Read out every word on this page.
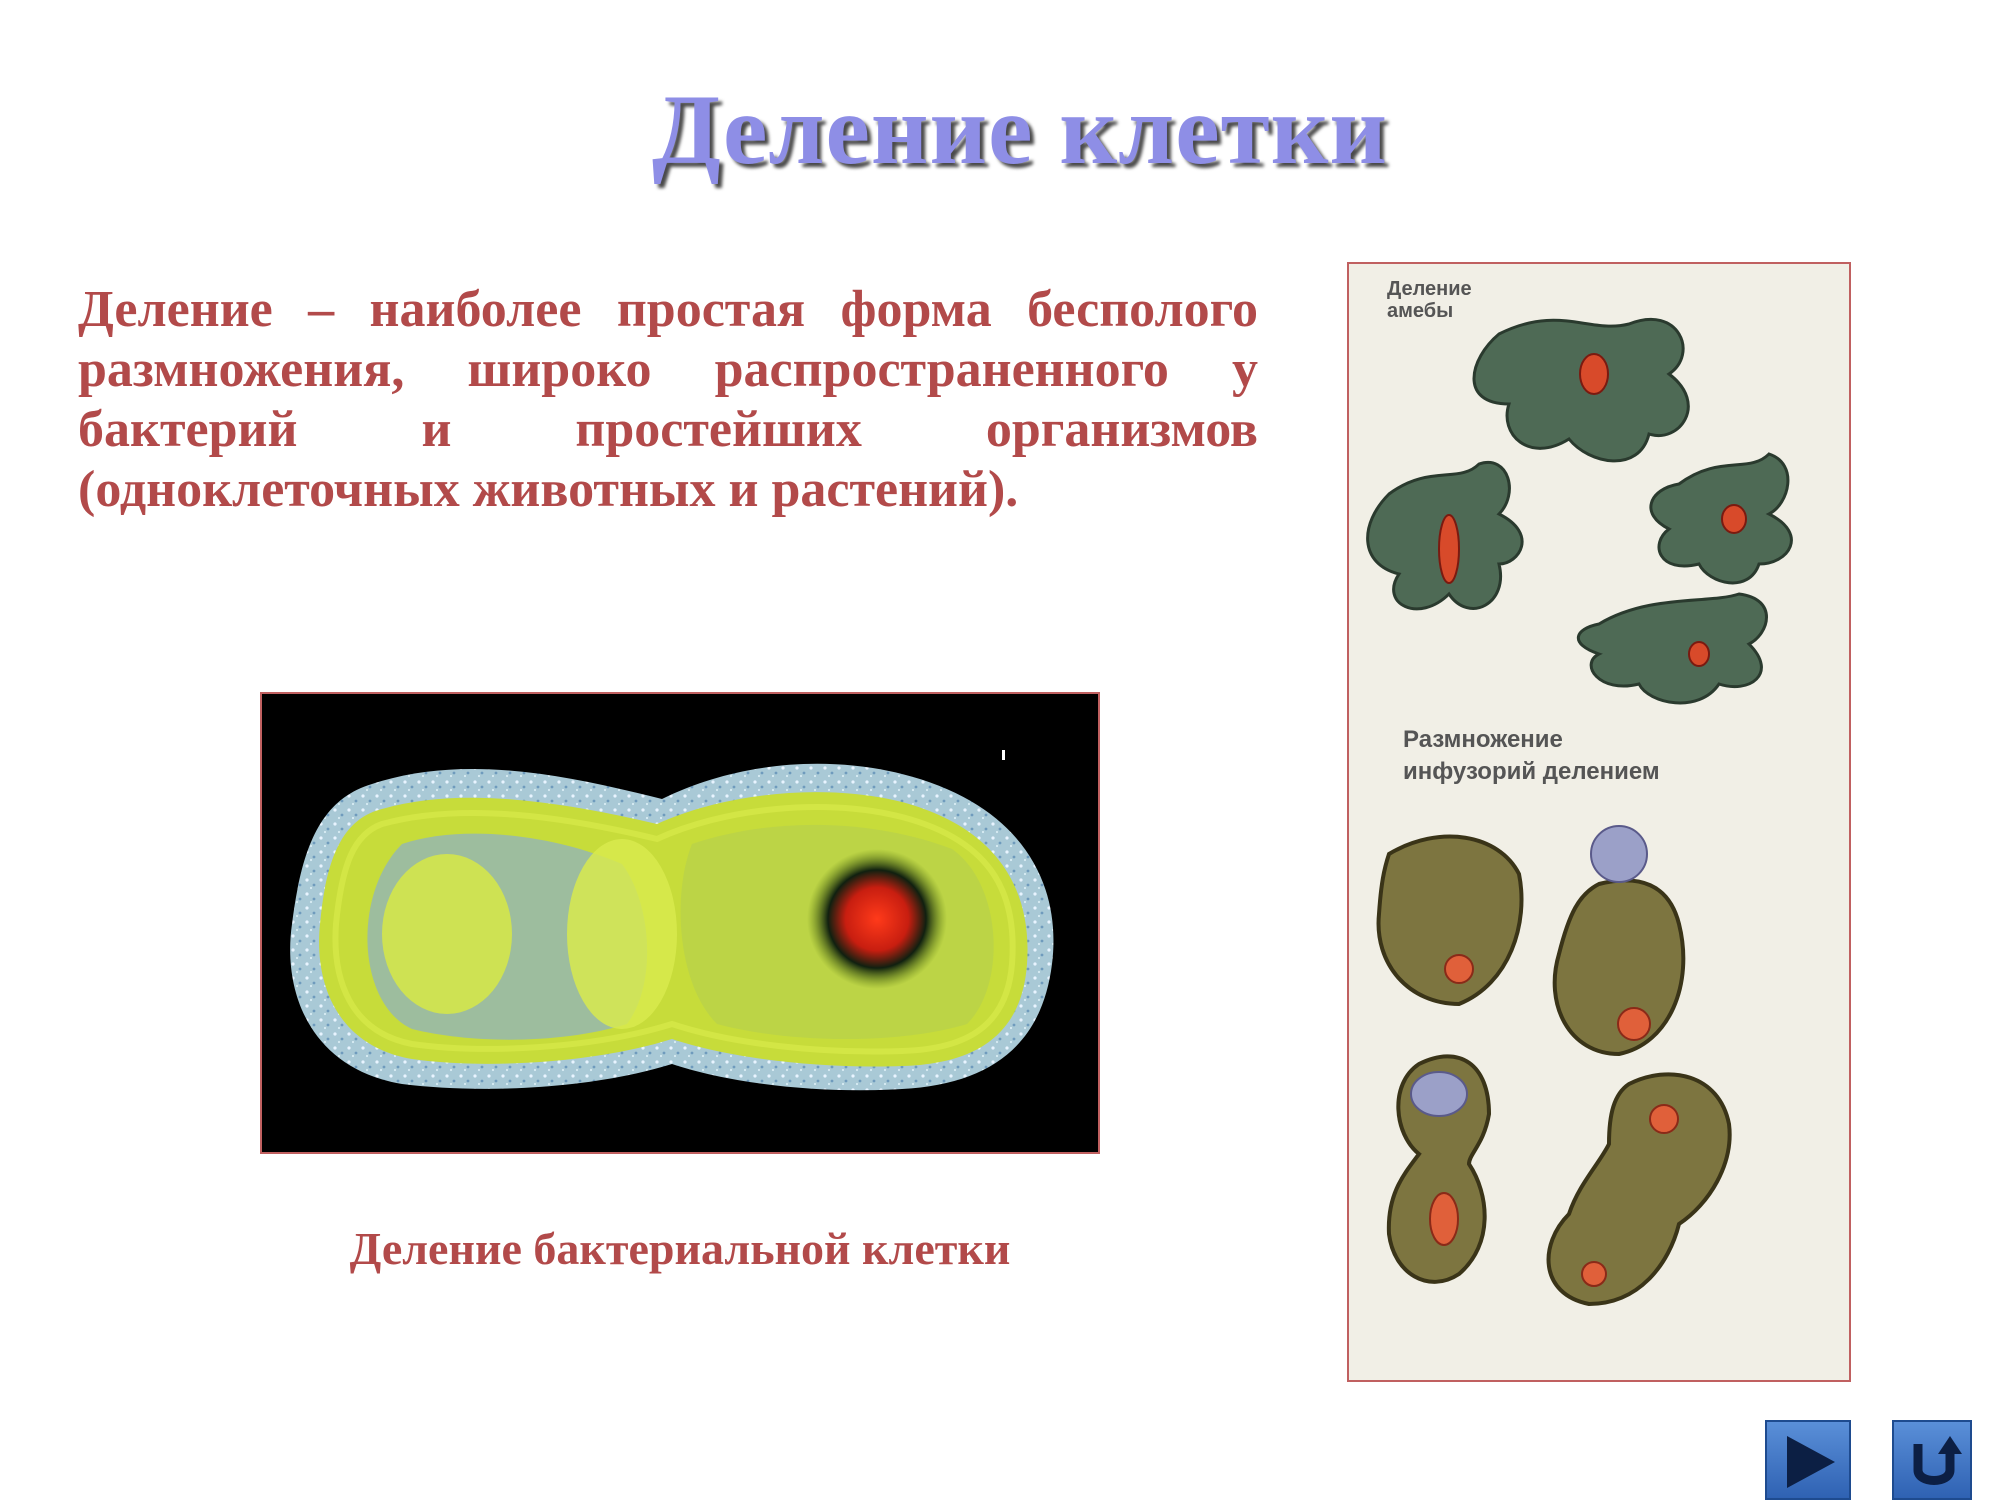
Деление клетки
Деление – наиболее простая форма бесполого размножения, широко распространенного у бактерий и простейших организмов (одноклеточных животных и растений).
Деление бактериальной клетки
Деление
амебы
Размножение
инфузорий делением
